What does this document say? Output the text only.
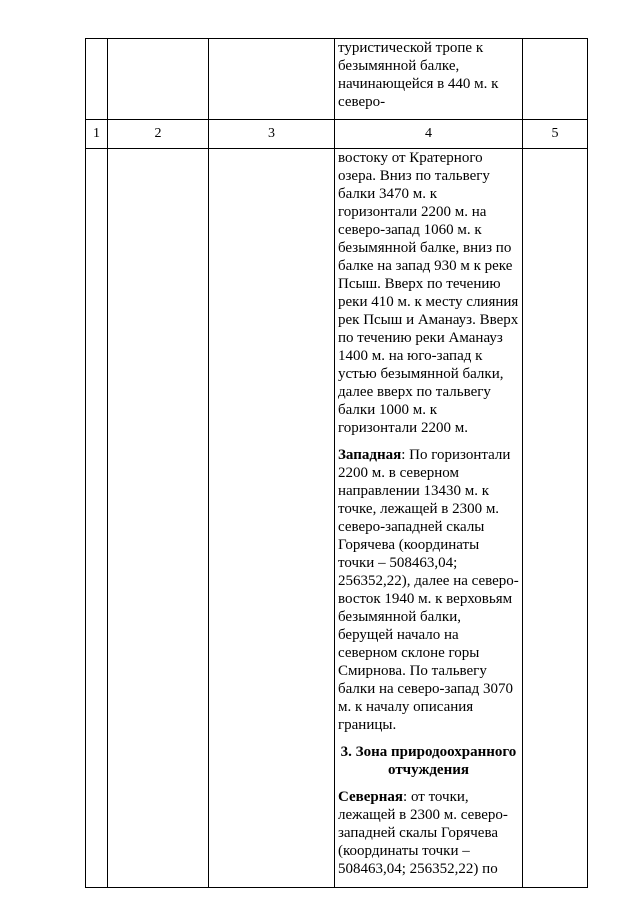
			туристической тропе к безымянной балке, начинающейся в 440 м. к северо-	
1	2	3	4	5

			востоку от Кратерного озера. Вниз по тальвегу балки 3470 м. к горизонтали 2200 м. на северо-запад 1060 м. к безымянной балке, вниз по балке на запад 930 м к реке Псыш. Вверх по течению реки 410 м. к месту слияния рек Псыш и Аманауз. Вверх по течению реки Аманауз 1400 м. на юго-запад к устью безымянной балки, далее вверх по тальвегу балки 1000 м. к горизонтали 2200 м.

Западная: По горизонтали 2200 м. в северном направлении 13430 м. к точке, лежащей в 2300 м. северо-западней скалы Горячева (координаты точки – 508463,04; 256352,22), далее на северо-восток 1940 м. к верховьям безымянной балки, берущей начало на северном склоне горы Смирнова. По тальвегу балки на северо-запад 3070 м. к началу описания границы.

3. Зона природоохранного отчуждения

Северная: от точки, лежащей в 2300 м. северо-западней скалы Горячева (координаты точки – 508463,04; 256352,22) по	
